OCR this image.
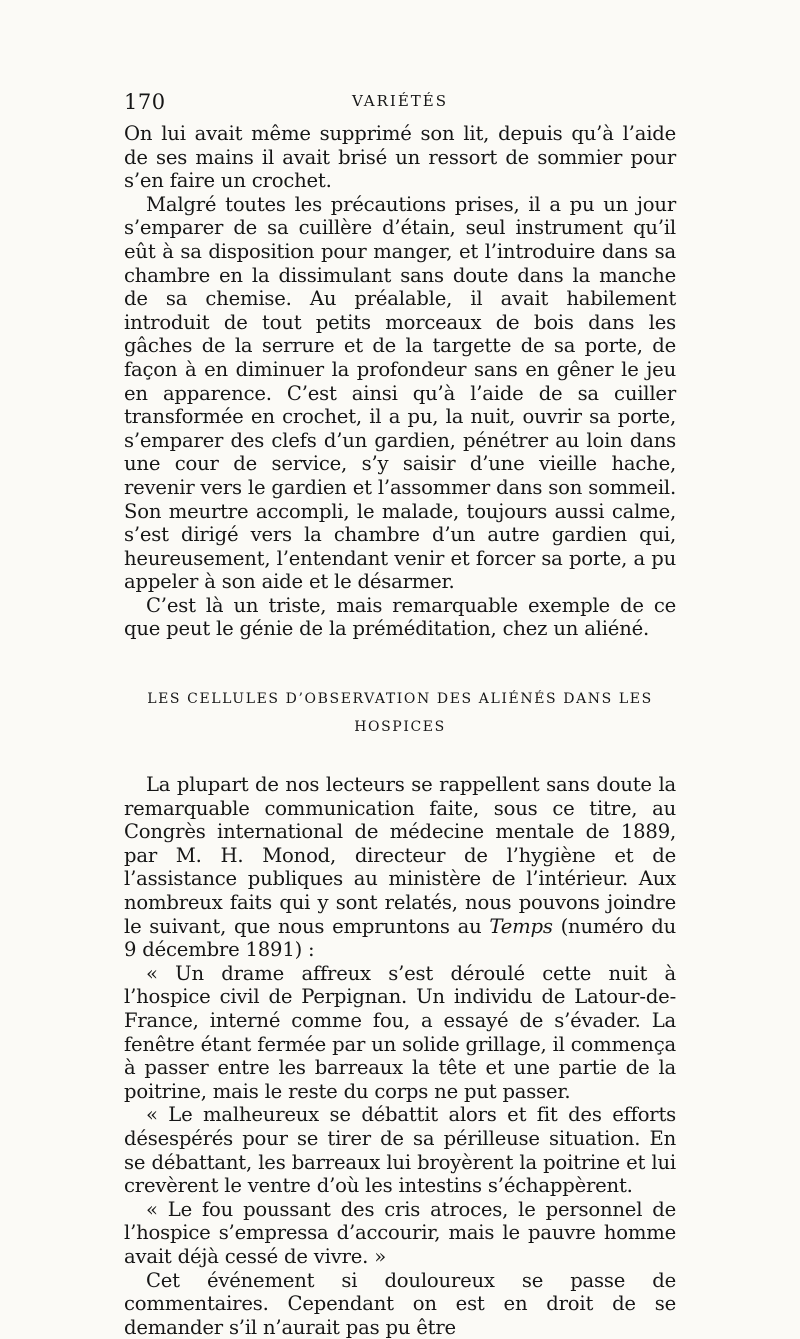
170	VARIÉTÉS

On lui avait même supprimé son lit, depuis qu’à l’aide de ses mains il avait brisé un ressort de sommier pour s’en faire un crochet.

Malgré toutes les précautions prises, il a pu un jour s’emparer de sa cuillère d’étain, seul instrument qu’il eût à sa disposition pour manger, et l’introduire dans sa chambre en la dissimulant sans doute dans la manche de sa chemise. Au préalable, il avait habilement introduit de tout petits morceaux de bois dans les gâches de la serrure et de la targette de sa porte, de façon à en diminuer la profondeur sans en gêner le jeu en apparence. C’est ainsi qu’à l’aide de sa cuiller transformée en crochet, il a pu, la nuit, ouvrir sa porte, s’emparer des clefs d’un gardien, pénétrer au loin dans une cour de service, s’y saisir d’une vieille hache, revenir vers le gardien et l’assommer dans son sommeil. Son meurtre accompli, le malade, toujours aussi calme, s’est dirigé vers la chambre d’un autre gardien qui, heureusement, l’entendant venir et forcer sa porte, a pu appeler à son aide et le désarmer.

C’est là un triste, mais remarquable exemple de ce que peut le génie de la préméditation, chez un aliéné.

LES CELLULES D’OBSERVATION DES ALIÉNÉS DANS LES
HOSPICES

La plupart de nos lecteurs se rappellent sans doute la remarquable communication faite, sous ce titre, au Congrès international de médecine mentale de 1889, par M. H. Monod, directeur de l’hygiène et de l’assistance publiques au ministère de l’intérieur. Aux nombreux faits qui y sont relatés, nous pouvons joindre le suivant, que nous empruntons au Temps (numéro du 9 décembre 1891) :

« Un drame affreux s’est déroulé cette nuit à l’hospice civil de Perpignan. Un individu de Latour-de-France, interné comme fou, a essayé de s’évader. La fenêtre étant fermée par un solide grillage, il commença à passer entre les barreaux la tête et une partie de la poitrine, mais le reste du corps ne put passer.

« Le malheureux se débattit alors et fit des efforts désespérés pour se tirer de sa périlleuse situation. En se débattant, les barreaux lui broyèrent la poitrine et lui crevèrent le ventre d’où les intestins s’échappèrent.

« Le fou poussant des cris atroces, le personnel de l’hospice s’empressa d’accourir, mais le pauvre homme avait déjà cessé de vivre. »

Cet événement si douloureux se passe de commentaires. Cependant on est en droit de se demander s’il n’aurait pas pu être
